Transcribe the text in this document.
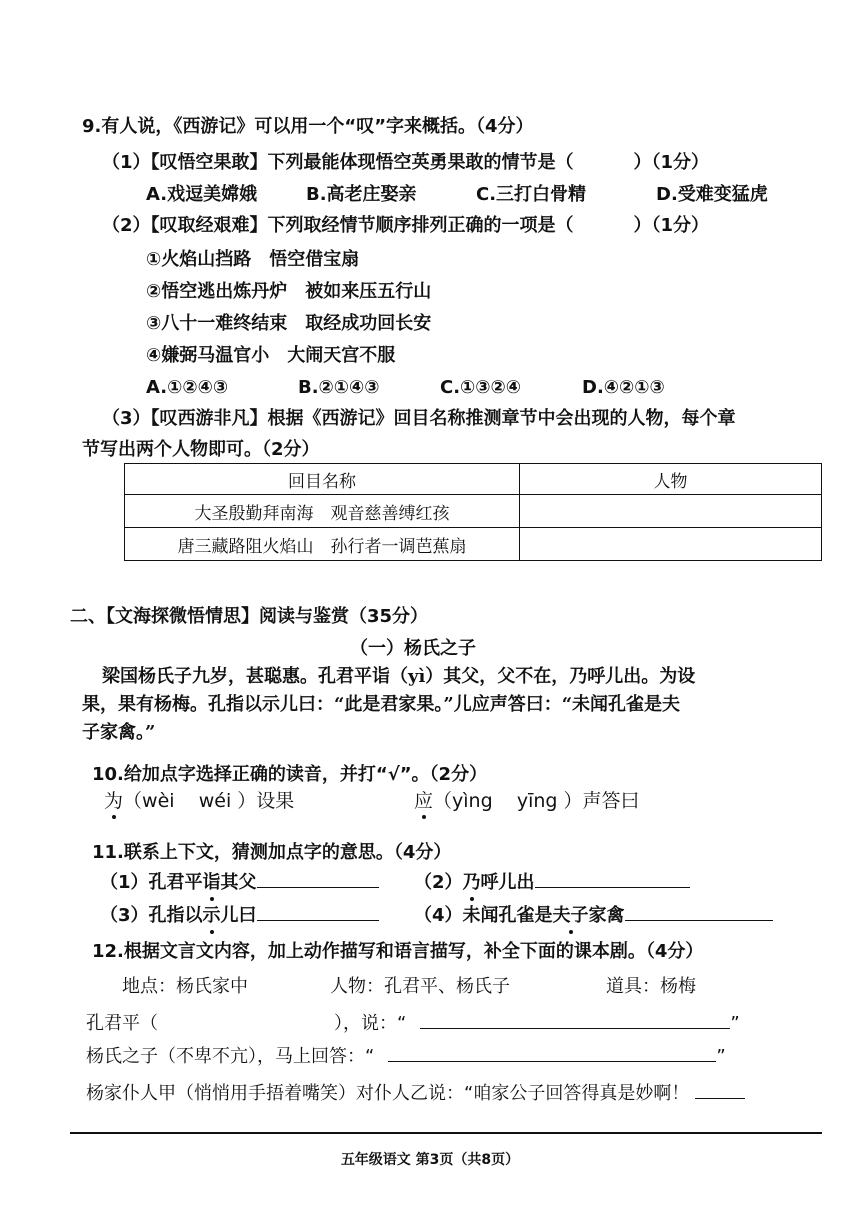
9.有人说，《西游记》可以用一个“叹”字来概括。（4分）
（1）【叹悟空果敢】下列最能体现悟空英勇果敢的情节是（	）（1分）
A.戏逗美嫦娥	B.高老庄娶亲	C.三打白骨精	D.受难变猛虎
（2）【叹取经艰难】下列取经情节顺序排列正确的一项是（	）（1分）
①火焰山挡路　悟空借宝扇
②悟空逃出炼丹炉　被如来压五行山
③八十一难终结束　取经成功回长安
④嫌弼马温官小　大闹天宫不服
A.①②④③	B.②①④③	C.①③②④	D.④②①③
（3）【叹西游非凡】根据《西游记》回目名称推测章节中会出现的人物，每个章
节写出两个人物即可。（2分）
回目名称	人物
大圣殷勤拜南海　观音慈善缚红孩	
唐三藏路阻火焰山　孙行者一调芭蕉扇	
二、【文海探微悟情思】阅读与鉴赏（35分）
（一）杨氏之子
梁国杨氏子九岁，甚聪惠。孔君平诣（yì）其父，父不在，乃呼儿出。为设
果，果有杨梅。孔指以示儿曰：“此是君家果。”儿应声答曰：“未闻孔雀是夫
子家禽。”
10.给加点字选择正确的读音，并打“√”。（2分）
为（wèi wéi ）设果	应（yìng yīng ）声答曰
11.联系上下文，猜测加点字的意思。（4分）
（1）孔君平诣其父	（2）乃呼儿出
（3）孔指以示儿曰	（4）未闻孔雀是夫子家禽
12.根据文言文内容，加上动作描写和语言描写，补全下面的课本剧。（4分）
地点：杨氏家中	人物：孔君平、杨氏子	道具：杨梅
孔君平（	），说：“	”
杨氏之子（不卑不亢），马上回答：“	”
杨家仆人甲（悄悄用手捂着嘴笑）对仆人乙说：“咱家公子回答得真是妙啊！
五年级语文 第3页（共8页）
